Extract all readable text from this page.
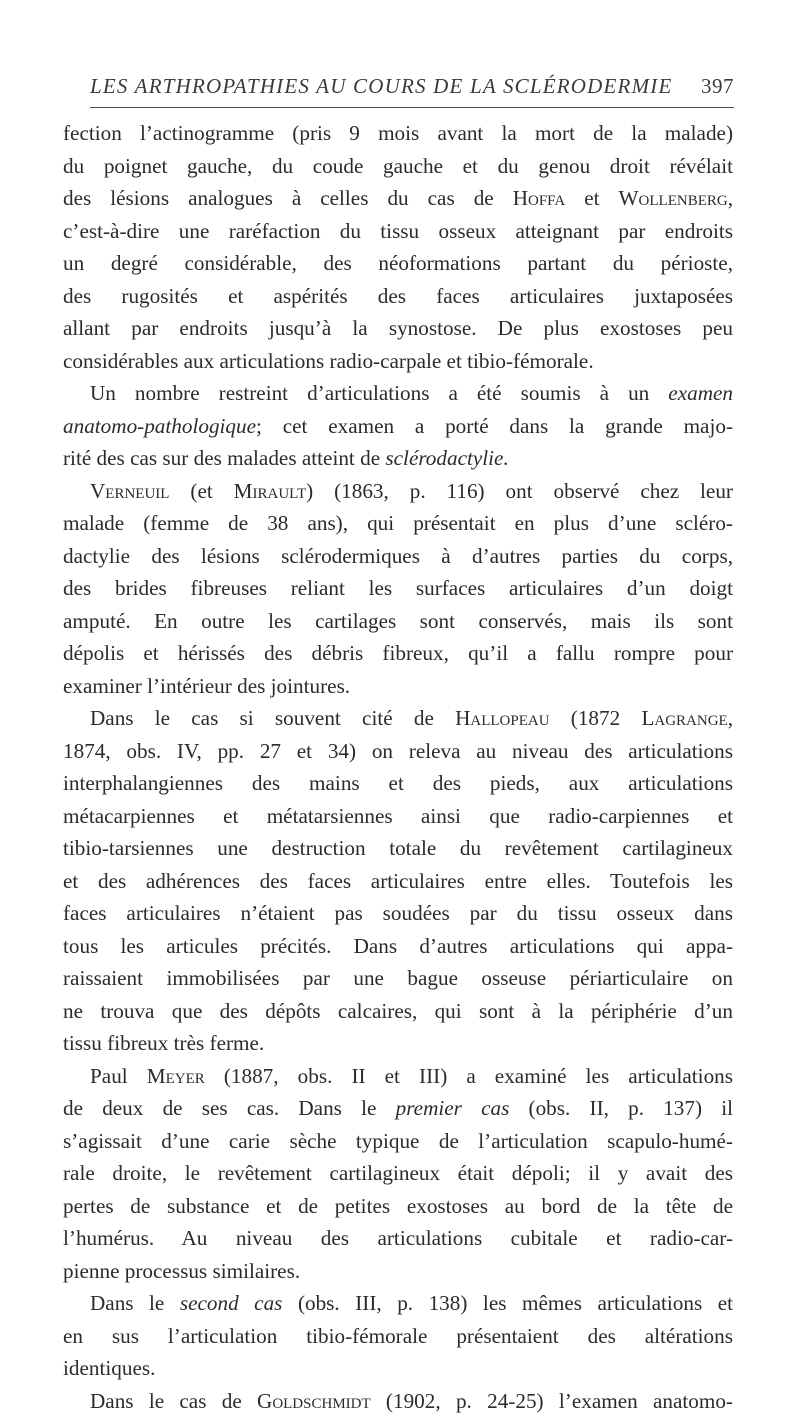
LES ARTHROPATHIES AU COURS DE LA SCLÉRODERMIE 397
fection l’actinogramme (pris 9 mois avant la mort de la malade)
du poignet gauche, du coude gauche et du genou droit révélait
des lésions analogues à celles du cas de Hoffa et Wollenberg,
c’est-à-dire une raréfaction du tissu osseux atteignant par endroits
un degré considérable, des néoformations partant du périoste,
des rugosités et aspérités des faces articulaires juxtaposées
allant par endroits jusqu’à la synostose. De plus exostoses peu
considérables aux articulations radio-carpale et tibio-fémorale.
Un nombre restreint d’articulations a été soumis à un examen
anatomo-pathologique; cet examen a porté dans la grande majo-
rité des cas sur des malades atteint de sclérodactylie.
Verneuil (et Mirault) (1863, p. 116) ont observé chez leur
malade (femme de 38 ans), qui présentait en plus d’une scléro-
dactylie des lésions sclérodermiques à d’autres parties du corps,
des brides fibreuses reliant les surfaces articulaires d’un doigt
amputé. En outre les cartilages sont conservés, mais ils sont
dépolis et hérissés des débris fibreux, qu’il a fallu rompre pour
examiner l’intérieur des jointures.
Dans le cas si souvent cité de Hallopeau (1872 Lagrange,
1874, obs. IV, pp. 27 et 34) on releva au niveau des articulations
interphalangiennes des mains et des pieds, aux articulations
métacarpiennes et métatarsiennes ainsi que radio-carpiennes et
tibio-tarsiennes une destruction totale du revêtement cartilagineux
et des adhérences des faces articulaires entre elles. Toutefois les
faces articulaires n’étaient pas soudées par du tissu osseux dans
tous les articules précités. Dans d’autres articulations qui appa-
raissaient immobilisées par une bague osseuse périarticulaire on
ne trouva que des dépôts calcaires, qui sont à la périphérie d’un
tissu fibreux très ferme.
Paul Meyer (1887, obs. II et III) a examiné les articulations
de deux de ses cas. Dans le premier cas (obs. II, p. 137) il
s’agissait d’une carie sèche typique de l’articulation scapulo-humé-
rale droite, le revêtement cartilagineux était dépoli; il y avait des
pertes de substance et de petites exostoses au bord de la tête de
l’humérus. Au niveau des articulations cubitale et radio-car-
pienne processus similaires.
Dans le second cas (obs. III, p. 138) les mêmes articulations et
en sus l’articulation tibio-fémorale présentaient des altérations
identiques.
Dans le cas de Goldschmidt (1902, p. 24-25) l’examen anatomo-
